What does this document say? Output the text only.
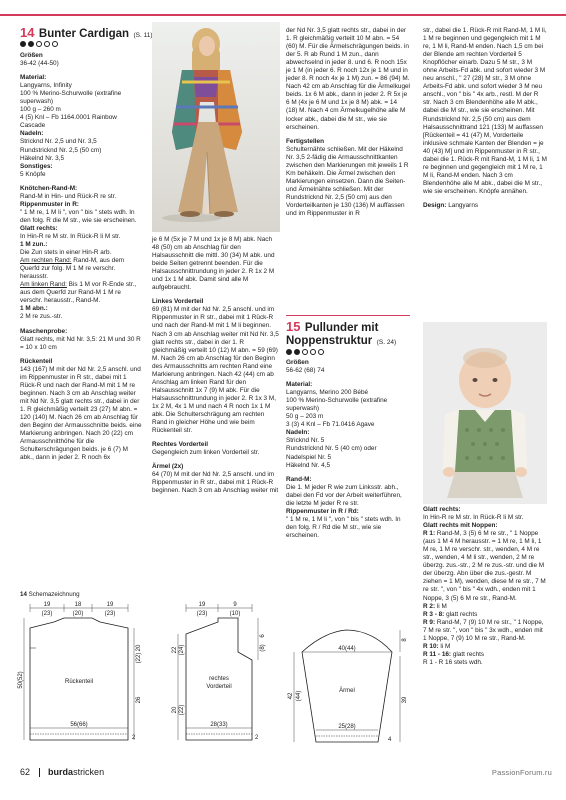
14 Bunter Cardigan (S. 11)

Größen

36-42 (44-50)

Material:

Langyarns, Infinity

100 % Merino-Schurwolle (extrafine superwash)

100 g – 260 m

4 (5) Knl – Fb 1164.0001 Rainbow Cascade

Nadeln:

Stricknd Nr. 2,5 und Nr. 3,5

Rundstricknd Nr. 2,5 (50 cm)

Häkelnd Nr. 3,5

Sonstiges:

5 Knöpfe

Knötchen-Rand-M:

Rand-M in Hin- und Rück-R re str.

Rippenmuster in R:

" 1 M re, 1 M li ", von " bis " stets wdh. In den folg. R die M str., wie sie erscheinen.

Glatt rechts:

In Hin-R re M str. In Rück-R li M str.

1 M zun.:

Die Zun stets in einer Hin-R arb.

Am rechten Rand: Rand-M, aus dem Querfd zur folg. M 1 M re verschr. herausstr.

Am linken Rand: Bis 1 M vor R-Ende str., aus dem Querfd zur Rand-M 1 M re verschr. herausstr., Rand-M.

1 M abn.:

2 M re zus.-str.

Maschenprobe:

Glatt rechts, mit Nd Nr. 3,5: 21 M und 30 R = 10 x 10 cm

Rückenteil

143 (167) M mit der Nd Nr. 2,5 anschl. und im Rippenmuster in R str., dabei mit 1 Rück-R und nach der Rand-M mit 1 M re beginnen. Nach 3 cm ab Anschlag weiter mit Nd Nr. 3,5 glatt rechts str., dabei in der 1. R gleichmäßig verteilt 23 (27) M abn. = 120 (140) M. Nach 26 cm ab Anschlag für den Beginn der Armausschnitte beids. eine Markierung anbringen. Nach 20 (22) cm Armausschnitthöhe für die Schulterschrägungen beids. je 6 (7) M abk., dann in jeder 2. R noch 6x

je 6 M (5x je 7 M und 1x je 8 M) abk. Nach 48 (50) cm ab Anschlag für den Halsausschnitt die mittl. 30 (34) M abk. und beide Seiten getrennt beenden. Für die Halsausschnittrundung in jeder 2. R 1x 2 M und 1x 1 M abk. Damit sind alle M aufgebraucht.

Linkes Vorderteil

69 (81) M mit der Nd Nr. 2,5 anschl. und im Rippenmuster in R str., dabei mit 1 Rück-R und nach der Rand-M mit 1 M li beginnen. Nach 3 cm ab Anschlag weiter mit Nd Nr. 3,5 glatt rechts str., dabei in der 1. R gleichmäßig verteilt 10 (12) M abn. = 59 (69) M. Nach 26 cm ab Anschlag für den Beginn des Armausschnitts am rechten Rand eine Markierung anbringen. Nach 42 (44) cm ab Anschlag am linken Rand für den Halsausschnitt 1x 7 (9) M abk. Für die Halsausschnittrundung in jeder 2. R 1x 3 M, 1x 2 M, 4x 1 M und nach 4 R noch 1x 1 M abk. Die Schulterschrägung am rechten Rand in gleicher Höhe und wie beim Rückenteil str.

Rechtes Vorderteil

Gegengleich zum linken Vorderteil str.

Ärmel (2x)

64 (70) M mit der Nd Nr. 2,5 anschl. und im Rippenmuster in R str., dabei mit 1 Rück-R beginnen. Nach 3 cm ab Anschlag weiter mit

der Nd Nr. 3,5 glatt rechts str., dabei in der 1. R gleichmäßig verteilt 10 M abn. = 54 (60) M. Für die Ärmelschrägungen beids. in der 5. R ab Rund 1 M zun., dann abwechselnd in jeder 8. und 6. R noch 15x je 1 M (in jeder 6. R noch 12x je 1 M und in jeder 8. R noch 4x je 1 M) zun. = 86 (94) M. Nach 42 cm ab Anschlag für die Ärmelkugel beids. 1x 6 M abk., dann in jeder 2. R 5x je 6 M (4x je 6 M und 1x je 8 M) abk. = 14 (18) M. Nach 4 cm Ärmelkugelhöhe alle M locker abk., dabei die M str., wie sie erscheinen.

Fertigstellen

Schulternähte schließen. Mit der Häkelnd Nr. 3,5 2-fädig die Armausschnittkanten zwischen den Markierungen mit jeweils 1 R Km behäkeln. Die Ärmel zwischen den Markierungen einsetzen. Dann die Seiten- und Ärmelnähte schließen. Mit der Rundstricknd Nr. 2,5 (50 cm) aus den Vorderteilkanten je 130 (136) M auffassen und im Rippenmuster in R

str., dabei die 1. Rück-R mit Rand-M, 1 M li, 1 M re beginnen und gegengleich mit 1 M re, 1 M li, Rand-M enden. Nach 1,5 cm bei der Blende am rechten Vorderteil 5 Knopflöcher einarb. Dazu 5 M str., 3 M ohne Arbeits-Fd abk. und sofort wieder 3 M neu anschl., " 27 (28) M str., 3 M ohne Arbeits-Fd abk. und sofort wieder 3 M neu anschl., von " bis " 4x arb., restl. M der R str. Nach 3 cm Blendenhöhe alle M abk., dabei die M str., wie sie erscheinen. Mit Rundstricknd Nr. 2,5 (50 cm) aus dem Halsausschnittrand 121 (133) M auffassen [Rückenteil = 41 (47) M, Vorderteile inklusive schmale Kanten der Blenden = je 40 (43) M] und im Rippenmuster in R str., dabei die 1. Rück-R mit Rand-M, 1 M li, 1 M re beginnen und gegengleich mit 1 M re, 1 M li, Rand-M enden. Nach 3 cm Blendenhöhe alle M abk., dabei die M str., wie sie erscheinen. Knöpfe annähen.

Design: Langyarns

15 Pullunder mit
Noppenstruktur (S. 24)

Größen

56-62 (68) 74

Material:

Langyarns, Merino 200 Bébé

100 % Merino-Schurwolle (extrafine superwash)

50 g – 203 m

3 (3) 4 Knl – Fb 71.0416 Agave

Nadeln:

Stricknd Nr. 5

Rundstricknd Nr. 5 (40 cm) oder

Nadelspiel Nr. 5

Häkelnd Nr. 4,5

Rand-M:

Die 1. M jeder R wie zum Linksstr. abh., dabei den Fd vor der Arbeit weiterführen, die letzte M jeder R re str.

Rippenmuster in R / Rd:

" 1 M re, 1 M li ", von " bis " stets wdh. In den folg. R / Rd die M str., wie sie erscheinen.

Glatt rechts:

In Hin-R re M str. In Rück-R li M str.

Glatt rechts mit Noppen:

R 1: Rand-M, 3 (5) 6 M re str., " 1 Noppe (aus 1 M 4 M herausstr. = 1 M re, 1 M li, 1 M re, 1 M re verschr. str., wenden, 4 M re str., wenden, 4 M li str., wenden, 2 M re überzg. zus.-str., 2 M re zus.-str. und die M der überzg. Abn über die zus.-gestr. M ziehen = 1 M), wenden, diese M re str., 7 M re str. ", von " bis " 4x wdh., enden mit 1 Noppe, 3 (5) 6 M re str., Rand-M.

R 2: li M

R 3 - 8: glatt rechts

R 9: Rand-M, 7 (9) 10 M re str., " 1 Noppe, 7 M re str. ", von " bis " 3x wdh., enden mit 1 Noppe, 7 (9) 10 M re str., Rand-M.

R 10: li M

R 11 - 16: glatt rechts

R 1 - R 16 stets wdh.

14 Schemazeichnung
Rückenteil
19	18	19
(23)	(20)	(23)
50(52)
20
(22)
26
2
56(66)
rechtes
Vorderteil
19	9
(23)	(10)
6
(8)
22 (24)
20 (22)
2
28(33)
40(44)
Ärmel
42 (44)
8
39
4
25(28)
62 burdastricken	PassionForum.ru
